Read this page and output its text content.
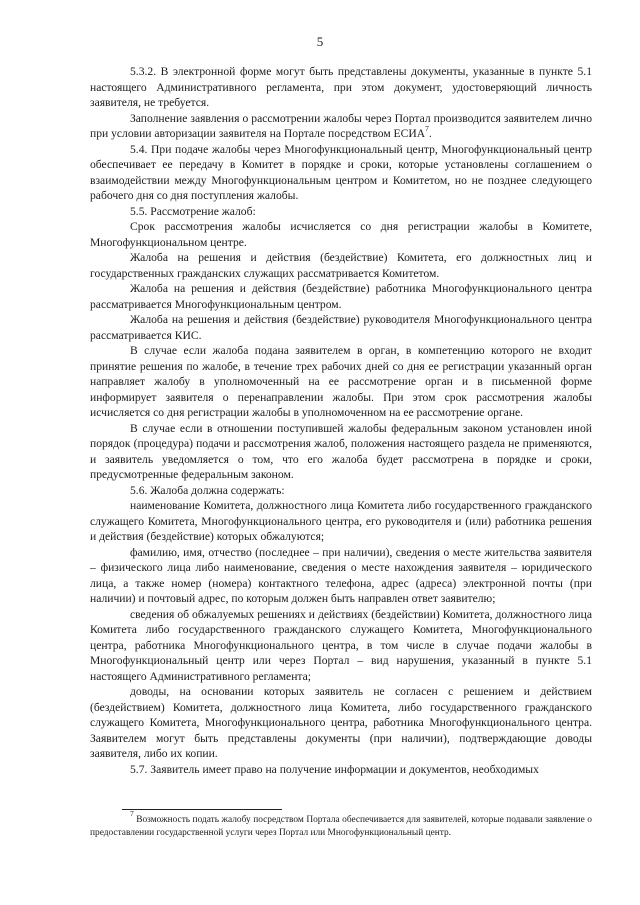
5

5.3.2. В электронной форме могут быть представлены документы, указанные в пункте 5.1 настоящего Административного регламента, при этом документ, удостоверяющий личность заявителя, не требуется.

Заполнение заявления о рассмотрении жалобы через Портал производится заявителем лично при условии авторизации заявителя на Портале посредством ЕСИА$^7$.

5.4. При подаче жалобы через Многофункциональный центр, Многофункциональный центр обеспечивает ее передачу в Комитет в порядке и сроки, которые установлены соглашением о взаимодействии между Многофункциональным центром и Комитетом, но не позднее следующего рабочего дня со дня поступления жалобы.

5.5. Рассмотрение жалоб:

Срок рассмотрения жалобы исчисляется со дня регистрации жалобы в Комитете, Многофункциональном центре.

Жалоба на решения и действия (бездействие) Комитета, его должностных лиц и государственных гражданских служащих рассматривается Комитетом.

Жалоба на решения и действия (бездействие) работника Многофункционального центра рассматривается Многофункциональным центром.

Жалоба на решения и действия (бездействие) руководителя Многофункционального центра рассматривается КИС.

В случае если жалоба подана заявителем в орган, в компетенцию которого не входит принятие решения по жалобе, в течение трех рабочих дней со дня ее регистрации указанный орган направляет жалобу в уполномоченный на ее рассмотрение орган и в письменной форме информирует заявителя о перенаправлении жалобы. При этом срок рассмотрения жалобы исчисляется со дня регистрации жалобы в уполномоченном на ее рассмотрение органе.

В случае если в отношении поступившей жалобы федеральным законом установлен иной порядок (процедура) подачи и рассмотрения жалоб, положения настоящего раздела не применяются, и заявитель уведомляется о том, что его жалоба будет рассмотрена в порядке и сроки, предусмотренные федеральным законом.

5.6. Жалоба должна содержать:

наименование Комитета, должностного лица Комитета либо государственного гражданского служащего Комитета, Многофункционального центра, его руководителя и (или) работника решения и действия (бездействие) которых обжалуются;

фамилию, имя, отчество (последнее – при наличии), сведения о месте жительства заявителя – физического лица либо наименование, сведения о месте нахождения заявителя – юридического лица, а также номер (номера) контактного телефона, адрес (адреса) электронной почты (при наличии) и почтовый адрес, по которым должен быть направлен ответ заявителю;

сведения об обжалуемых решениях и действиях (бездействии) Комитета, должностного лица Комитета либо государственного гражданского служащего Комитета, Многофункционального центра, работника Многофункционального центра, в том числе в случае подачи жалобы в Многофункциональный центр или через Портал – вид нарушения, указанный в пункте 5.1 настоящего Административного регламента;

доводы, на основании которых заявитель не согласен с решением и действием (бездействием) Комитета, должностного лица Комитета, либо государственного гражданского служащего Комитета, Многофункционального центра, работника Многофункционального центра. Заявителем могут быть представлены документы (при наличии), подтверждающие доводы заявителя, либо их копии.

5.7. Заявитель имеет право на получение информации и документов, необходимых

$^7$ Возможность подать жалобу посредством Портала обеспечивается для заявителей, которые подавали заявление о предоставлении государственной услуги через Портал или Многофункциональный центр.
